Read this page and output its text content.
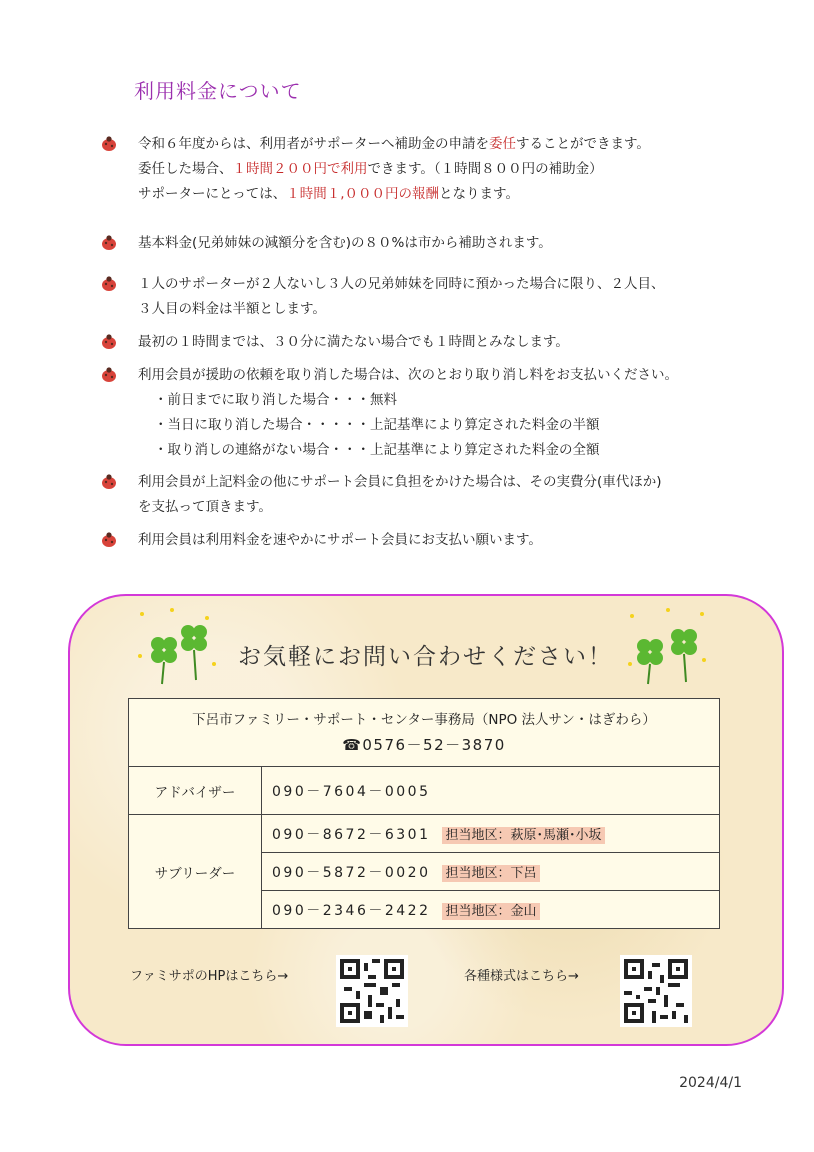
利用料金について
令和６年度からは、利用者がサポーターへ補助金の申請を委任することができます。
委任した場合、１時間２００円で利用できます。（１時間８００円の補助金）
サポーターにとっては、１時間１,０００円の報酬となります。
基本料金(兄弟姉妹の減額分を含む)の８０%は市から補助されます。
１人のサポーターが２人ないし３人の兄弟姉妹を同時に預かった場合に限り、２人目、
３人目の料金は半額とします。
最初の１時間までは、３０分に満たない場合でも１時間とみなします。
利用会員が援助の依頼を取り消した場合は、次のとおり取り消し料をお支払いください。
・前日までに取り消した場合・・・無料
・当日に取り消した場合・・・・・上記基準により算定された料金の半額
・取り消しの連絡がない場合・・・上記基準により算定された料金の全額
利用会員が上記料金の他にサポート会員に負担をかけた場合は、その実費分(車代ほか)
を支払って頂きます。
利用会員は利用料金を速やかにサポート会員にお支払い願います。
お気軽にお問い合わせください！
下呂市ファミリー・サポート・センター事務局（NPO 法人サン・はぎわら）
☎0576－52－3870	

アドバイザー	090－7604－0005
サブリーダー	090－8672－6301 担当地区：萩原･馬瀬･小坂
	090－5872－0020 担当地区：下呂
	090－2346－2422 担当地区：金山
ファミサポのHPはこちら→	各種様式はこちら→
2024/4/1
